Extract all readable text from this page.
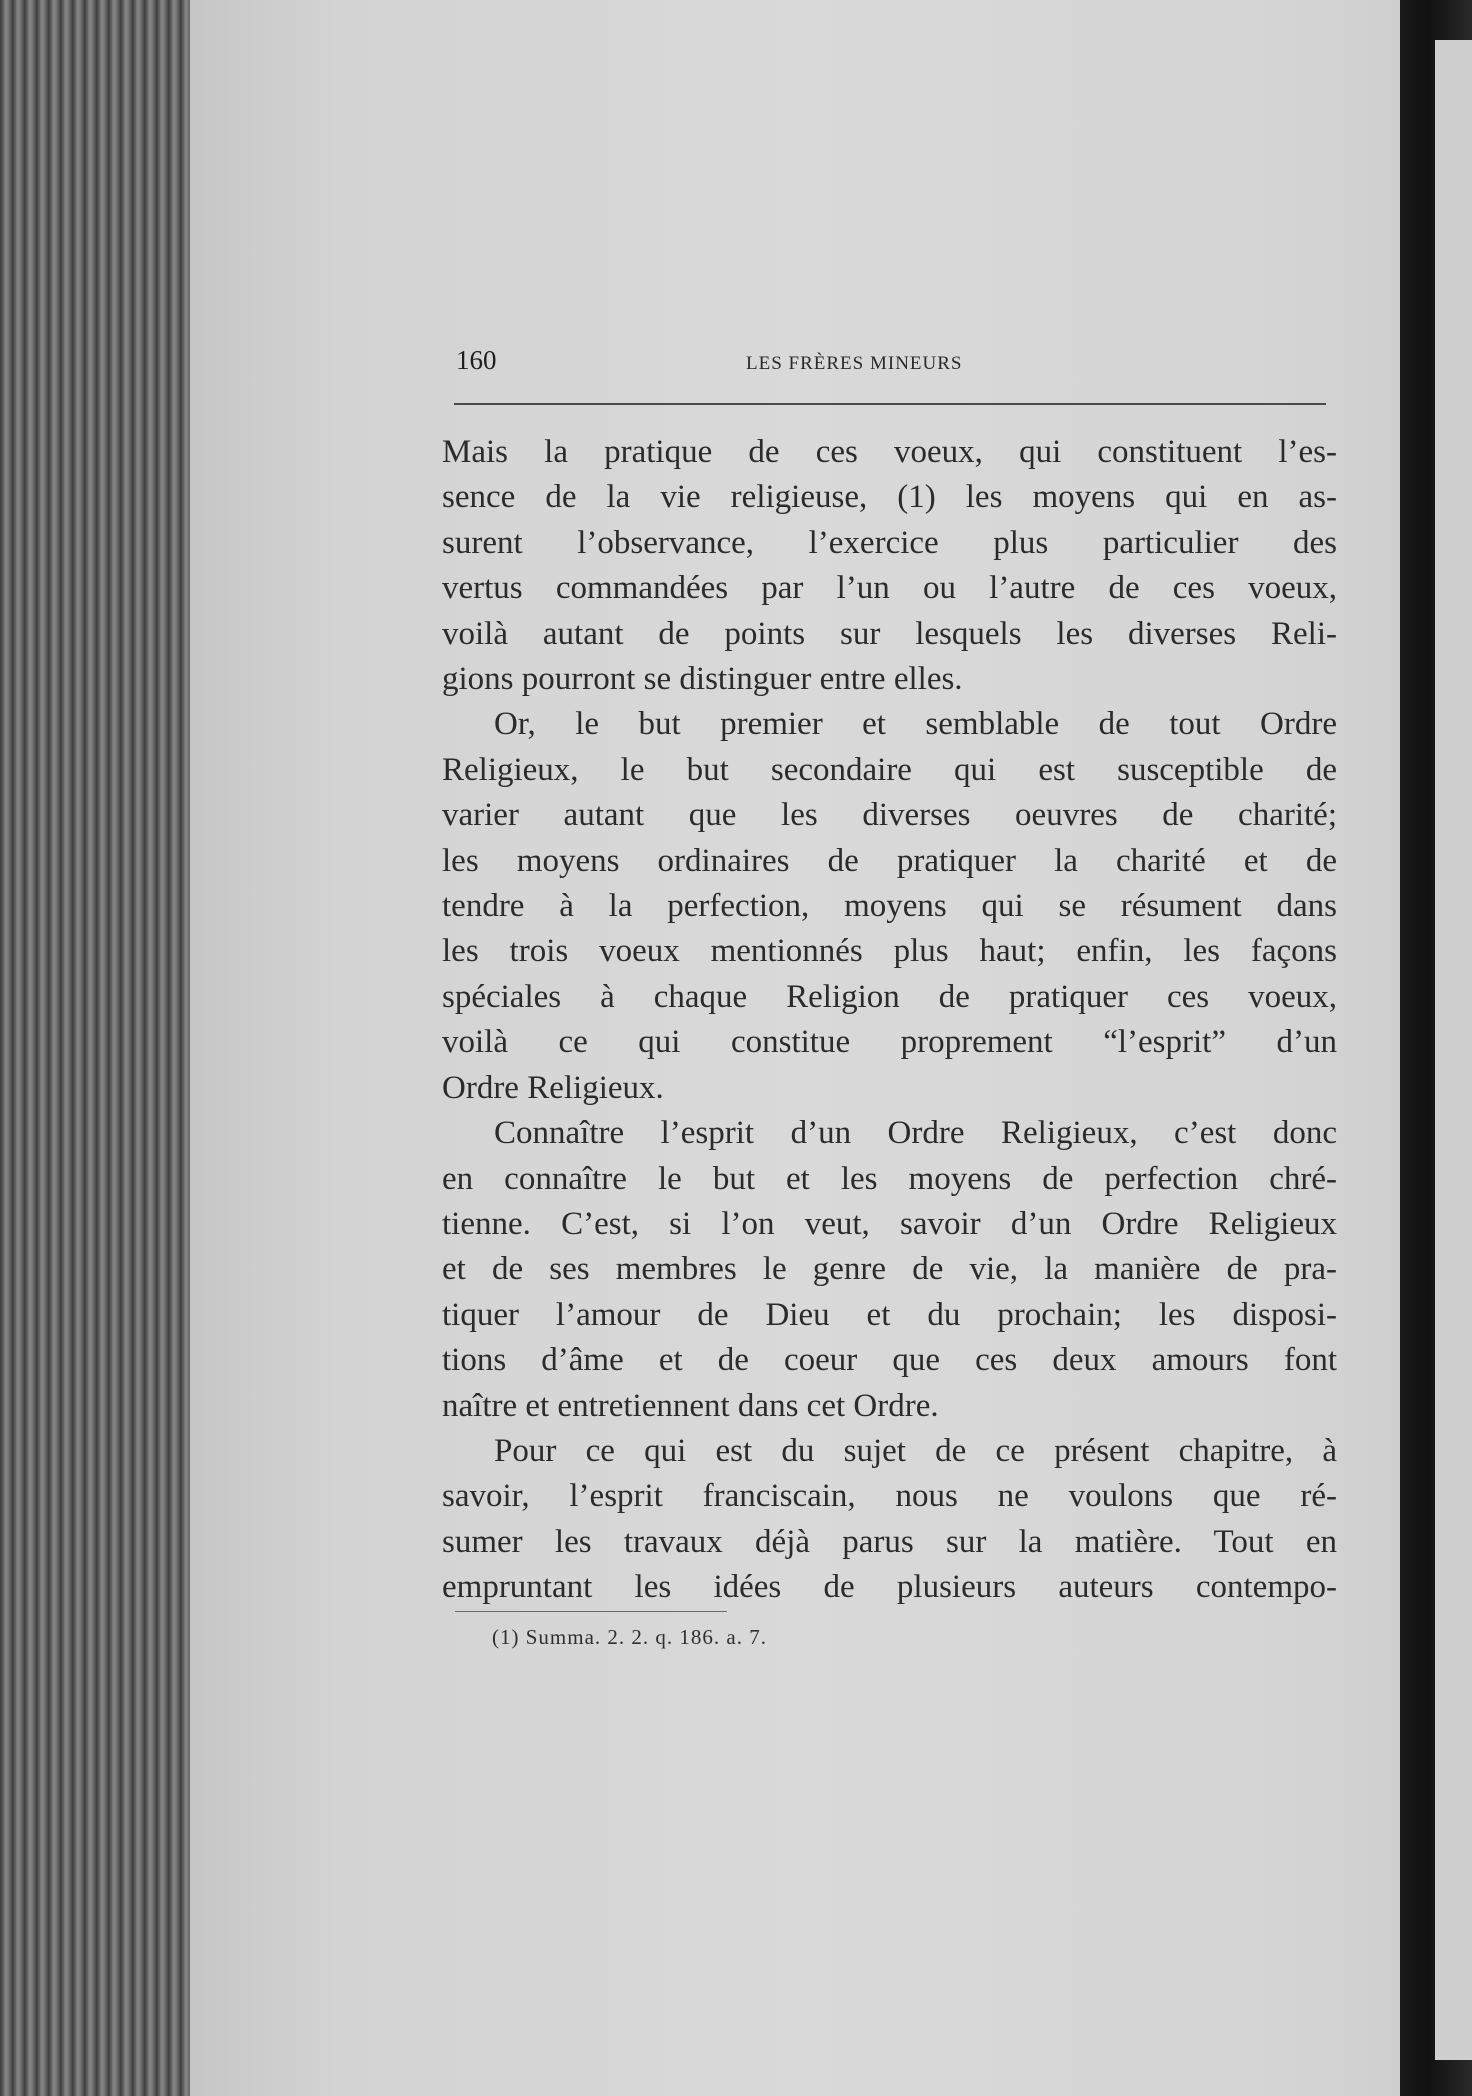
160	LES FRÈRES MINEURS
Mais la pratique de ces voeux, qui constituent l’es-
sence de la vie religieuse, (1) les moyens qui en as-
surent l’observance, l’exercice plus particulier des
vertus commandées par l’un ou l’autre de ces voeux,
voilà autant de points sur lesquels les diverses Reli-
gions pourront se distinguer entre elles.
Or, le but premier et semblable de tout Ordre
Religieux, le but secondaire qui est susceptible de
varier autant que les diverses oeuvres de charité;
les moyens ordinaires de pratiquer la charité et de
tendre à la perfection, moyens qui se résument dans
les trois voeux mentionnés plus haut; enfin, les façons
spéciales à chaque Religion de pratiquer ces voeux,
voilà ce qui constitue proprement “l’esprit” d’un
Ordre Religieux.
Connaître l’esprit d’un Ordre Religieux, c’est donc
en connaître le but et les moyens de perfection chré-
tienne. C’est, si l’on veut, savoir d’un Ordre Religieux
et de ses membres le genre de vie, la manière de pra-
tiquer l’amour de Dieu et du prochain; les disposi-
tions d’âme et de coeur que ces deux amours font
naître et entretiennent dans cet Ordre.
Pour ce qui est du sujet de ce présent chapitre, à
savoir, l’esprit franciscain, nous ne voulons que ré-
sumer les travaux déjà parus sur la matière. Tout en
empruntant les idées de plusieurs auteurs contempo-
(1) Summa. 2. 2. q. 186. a. 7.
